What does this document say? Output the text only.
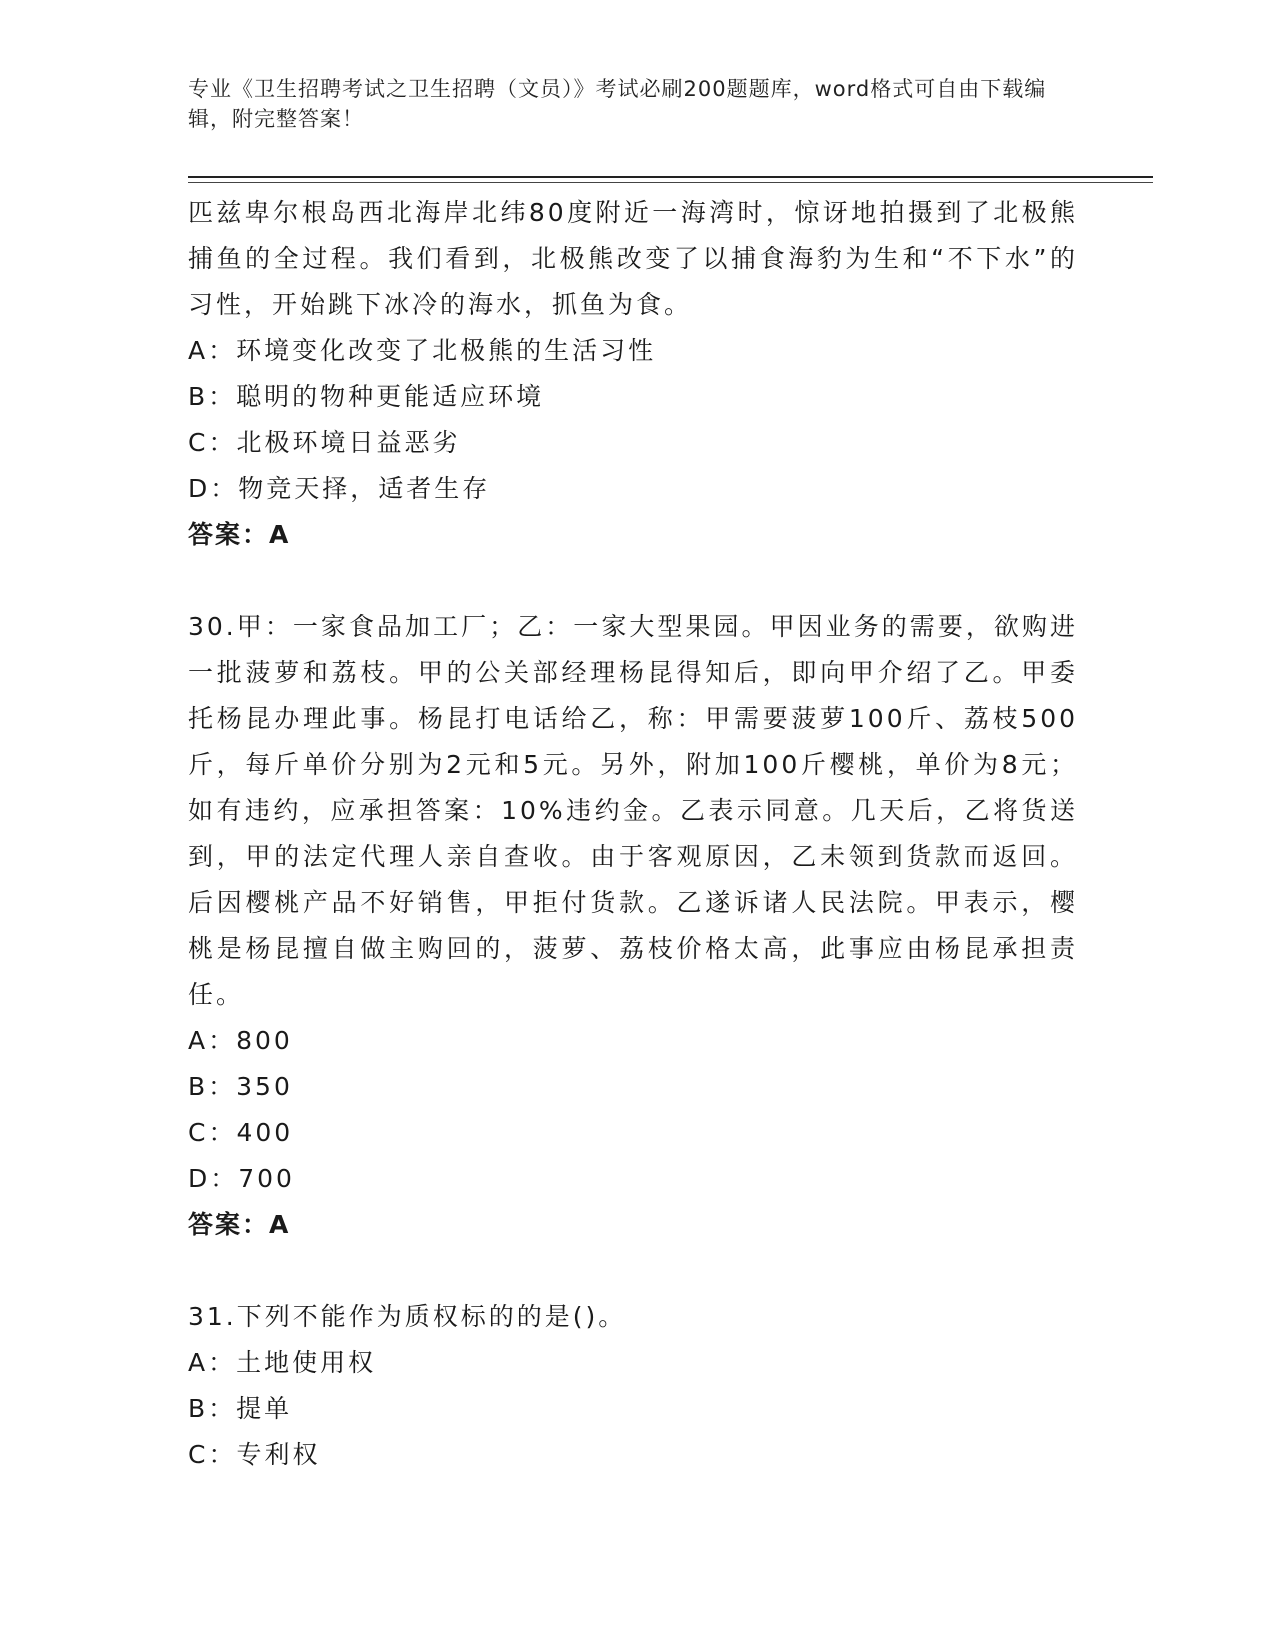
专业《卫生招聘考试之卫生招聘（文员）》考试必刷200题题库，word格式可自由下载编辑，附完整答案！

匹兹卑尔根岛西北海岸北纬80度附近一海湾时，惊讶地拍摄到了北极熊捕鱼的全过程。我们看到，北极熊改变了以捕食海豹为生和“不下水”的习性，开始跳下冰冷的海水，抓鱼为食。

A：环境变化改变了北极熊的生活习性

B：聪明的物种更能适应环境

C：北极环境日益恶劣

D：物竞天择，适者生存

答案：A

30.甲：一家食品加工厂；乙：一家大型果园。甲因业务的需要，欲购进一批菠萝和荔枝。甲的公关部经理杨昆得知后，即向甲介绍了乙。甲委托杨昆办理此事。杨昆打电话给乙，称：甲需要菠萝100斤、荔枝500斤，每斤单价分别为2元和5元。另外，附加100斤樱桃，单价为8元；如有违约，应承担答案：10%违约金。乙表示同意。几天后，乙将货送到，甲的法定代理人亲自查收。由于客观原因，乙未领到货款而返回。后因樱桃产品不好销售，甲拒付货款。乙遂诉诸人民法院。甲表示，樱桃是杨昆擅自做主购回的，菠萝、荔枝价格太高，此事应由杨昆承担责任。

A：800

B：350

C：400

D：700

答案：A

31.下列不能作为质权标的的是()。

A：土地使用权

B：提单

C：专利权
